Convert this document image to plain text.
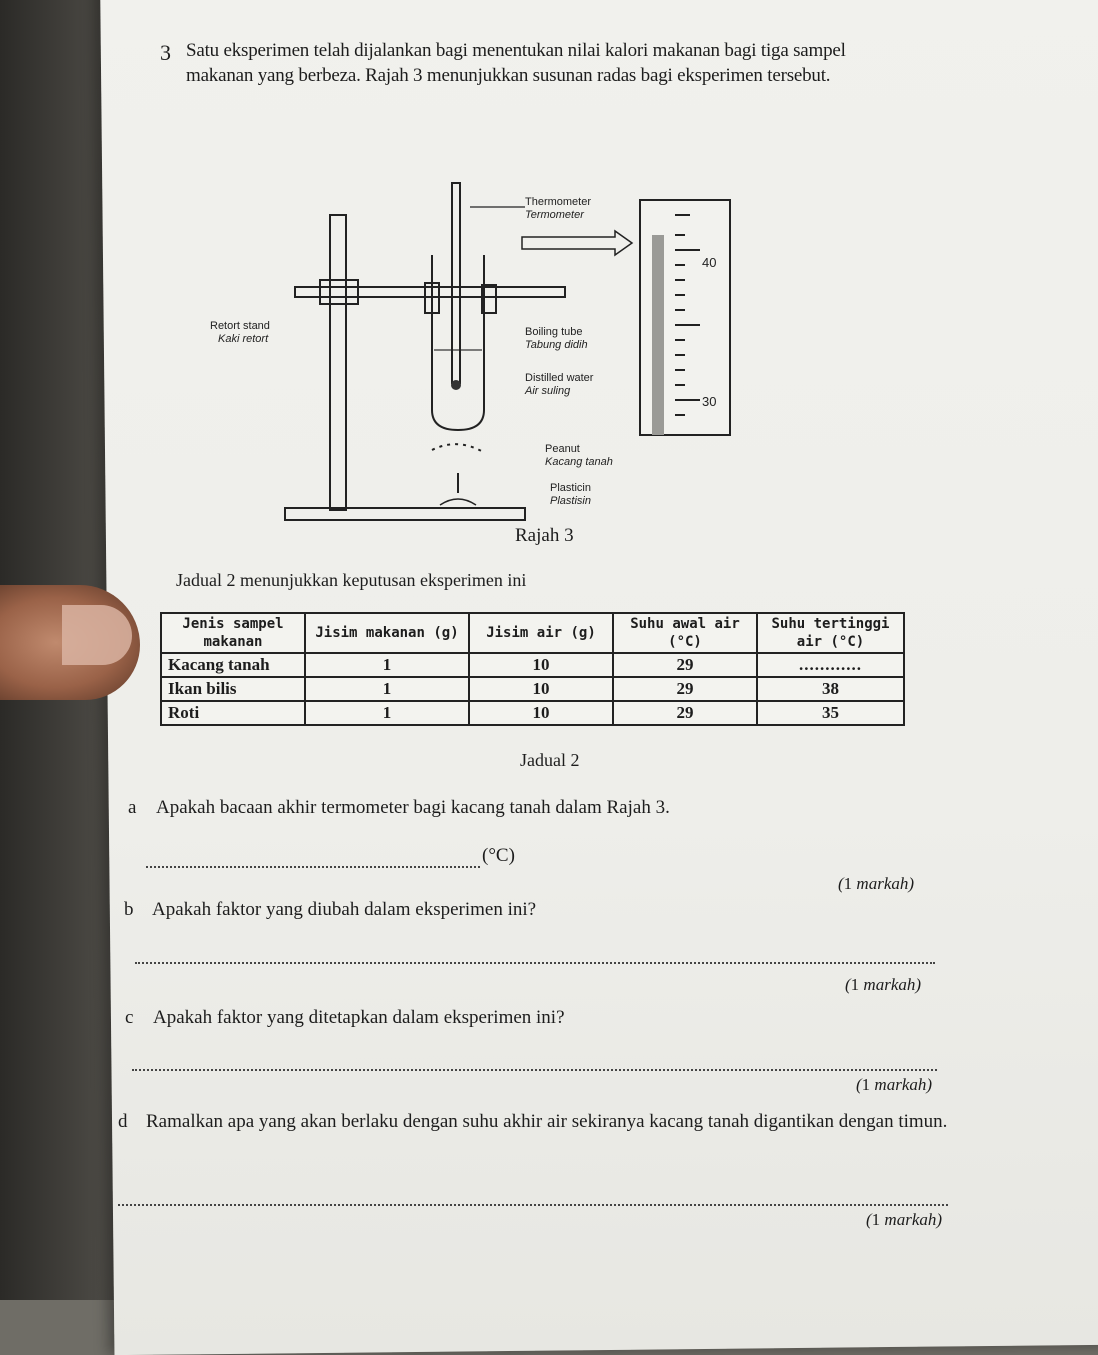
3 Satu eksperimen telah dijalankan bagi menentukan nilai kalori makanan bagi tiga sampel makanan yang berbeza. Rajah 3 menunjukkan susunan radas bagi eksperimen tersebut.
40
30
Thermometer
Termometer
Retort stand
Kaki retort
Boiling tube
Tabung didih
Distilled water
Air suling
Peanut
Kacang tanah
Plasticin
Plastisin
Rajah 3
Jadual 2 menunjukkan keputusan eksperimen ini
Jenis sampel makanan	Jisim makanan (g)	Jisim air (g)	Suhu awal air (°C)	Suhu tertinggi air (°C)
Kacang tanah	1	10	29	............
Ikan bilis	1	10	29	38
Roti	1	10	29	35
Jadual 2
a Apakah bacaan akhir termometer bagi kacang tanah dalam Rajah 3.
(°C)
(1 markah)
b Apakah faktor yang diubah dalam eksperimen ini?
(1 markah)
c Apakah faktor yang ditetapkan dalam eksperimen ini?
(1 markah)
d Ramalkan apa yang akan berlaku dengan suhu akhir air sekiranya kacang tanah digantikan dengan timun.
(1 markah)
